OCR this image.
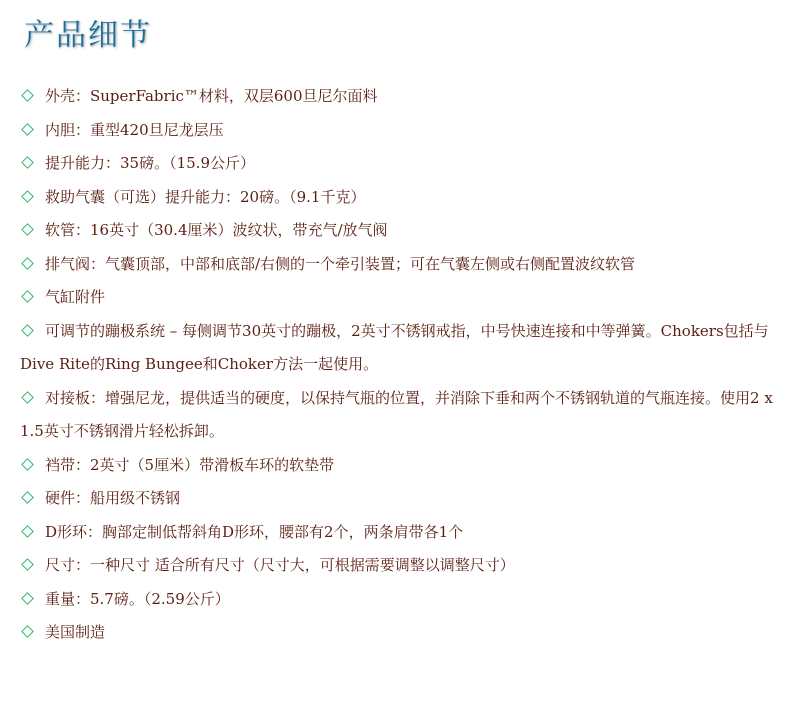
产品细节
外壳：SuperFabric™材料，双层600旦尼尔面料
内胆：重型420旦尼龙层压
提升能力：35磅。（15.9公斤）
救助气囊（可选）提升能力：20磅。（9.1千克）
软管：16英寸（30.4厘米）波纹状，带充气/放气阀
排气阀：气囊顶部，中部和底部/右侧的一个牵引装置；可在气囊左侧或右侧配置波纹软管
气缸附件
可调节的蹦极系统 – 每侧调节30英寸的蹦极，2英寸不锈钢戒指，中号快速连接和中等弹簧。Chokers包括与Dive Rite的Ring Bungee和Choker方法一起使用。
对接板：增强尼龙，提供适当的硬度，以保持气瓶的位置，并消除下垂和两个不锈钢轨道的气瓶连接。使用2 x 1.5英寸不锈钢滑片轻松拆卸。
裆带：2英寸（5厘米）带滑板车环的软垫带
硬件：船用级不锈钢
D形环：胸部定制低帮斜角D形环，腰部有2个，两条肩带各1个
尺寸：一种尺寸 适合所有尺寸（尺寸大，可根据需要调整以调整尺寸）
重量：5.7磅。（2.59公斤）
美国制造
